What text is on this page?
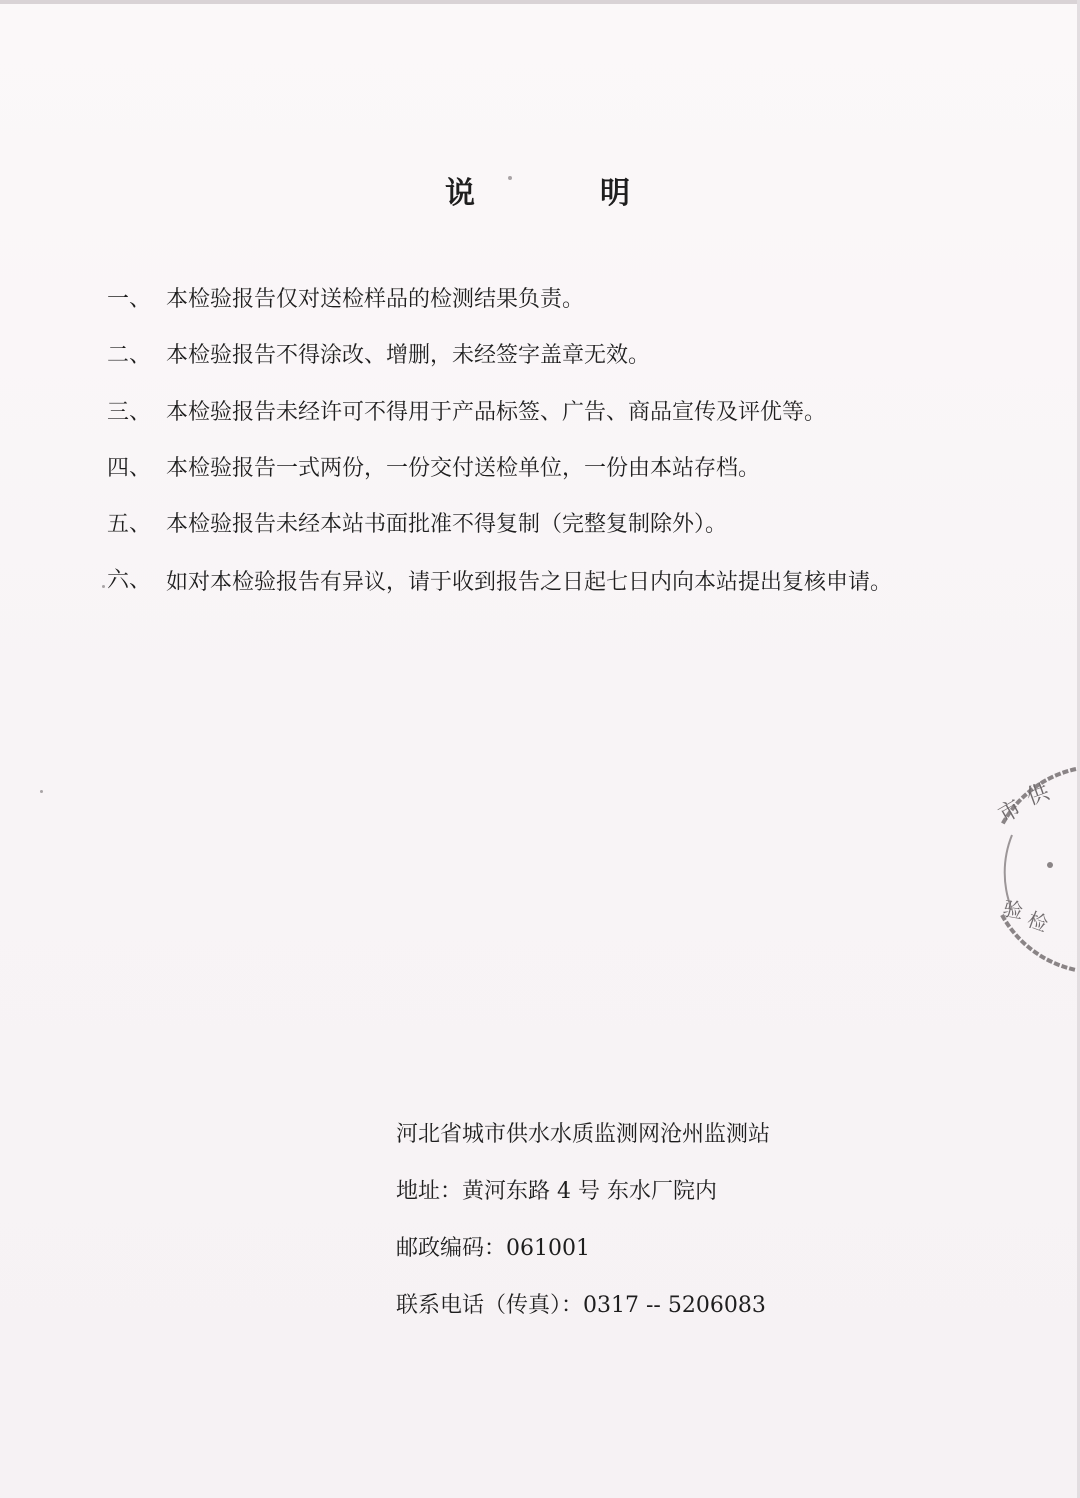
说	明
一、 本检验报告仅对送检样品的检测结果负责。
二、 本检验报告不得涂改、增删，未经签字盖章无效。
三、 本检验报告未经许可不得用于产品标签、广告、商品宣传及评优等。
四、 本检验报告一式两份，一份交付送检单位，一份由本站存档。
五、 本检验报告未经本站书面批准不得复制（完整复制除外）。
六、 如对本检验报告有异议，请于收到报告之日起七日内向本站提出复核申请。
河北省城市供水水质监测网沧州监测站
地址：黄河东路 4 号 东水厂院内
邮政编码：061001
联系电话（传真）：0317 -- 5206083
市
供
验 检
